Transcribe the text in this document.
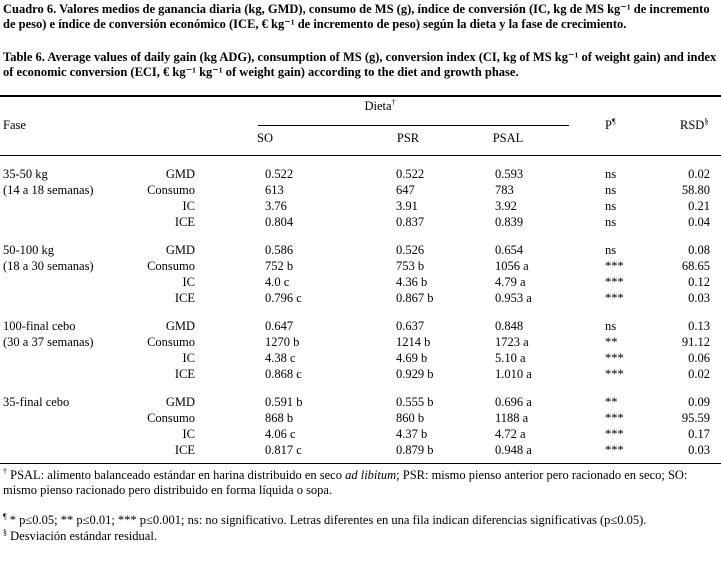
Cuadro 6. Valores medios de ganancia diaria (kg, GMD), consumo de MS (g), índice de conversión (IC, kg de MS kg⁻¹ de incremento de peso) e índice de conversión económico (ICE, € kg⁻¹ de incremento de peso) según la dieta y la fase de crecimiento.
Table 6. Average values of daily gain (kg ADG), consumption of MS (g), conversion index (CI, kg of MS kg⁻¹ of weight gain) and index of economic conversion (ECI, € kg⁻¹ kg⁻¹ of weight gain) according to the diet and growth phase.
Fase
Dieta†
SO	PSR	PSAL
P¶	RSD§
35-50 kg
(14 a 18 semanas)
GMD	0.522	0.522	0.593	ns	0.02
Consumo	613	647	783	ns	58.80
IC	3.76	3.91	3.92	ns	0.21
ICE	0.804	0.837	0.839	ns	0.04
50-100 kg
(18 a 30 semanas)
GMD	0.586	0.526	0.654	ns	0.08
Consumo	752 b	753 b	1056 a	***	68.65
IC	4.0 c	4.36 b	4.79 a	***	0.12
ICE	0.796 c	0.867 b	0.953 a	***	0.03
100-final cebo
(30 a 37 semanas)
GMD	0.647	0.637	0.848	ns	0.13
Consumo	1270 b	1214 b	1723 a	**	91.12
IC	4.38 c	4.69 b	5.10 a	***	0.06
ICE	0.868 c	0.929 b	1.010 a	***	0.02
35-final cebo	GMD	0.591 b	0.555 b	0.696 a	**	0.09
Consumo	868 b	860 b	1188 a	***	95.59
IC	4.06 c	4.37 b	4.72 a	***	0.17
ICE	0.817 c	0.879 b	0.948 a	***	0.03
† PSAL: alimento balanceado estándar en harina distribuido en seco ad libitum; PSR: mismo pienso anterior pero racionado en seco; SO: mismo pienso racionado pero distribuido en forma líquida o sopa.
¶ * p≤0.05; ** p≤0.01; *** p≤0.001; ns: no significativo. Letras diferentes en una fila indican diferencias significativas (p≤0.05).
§ Desviación estándar residual.
